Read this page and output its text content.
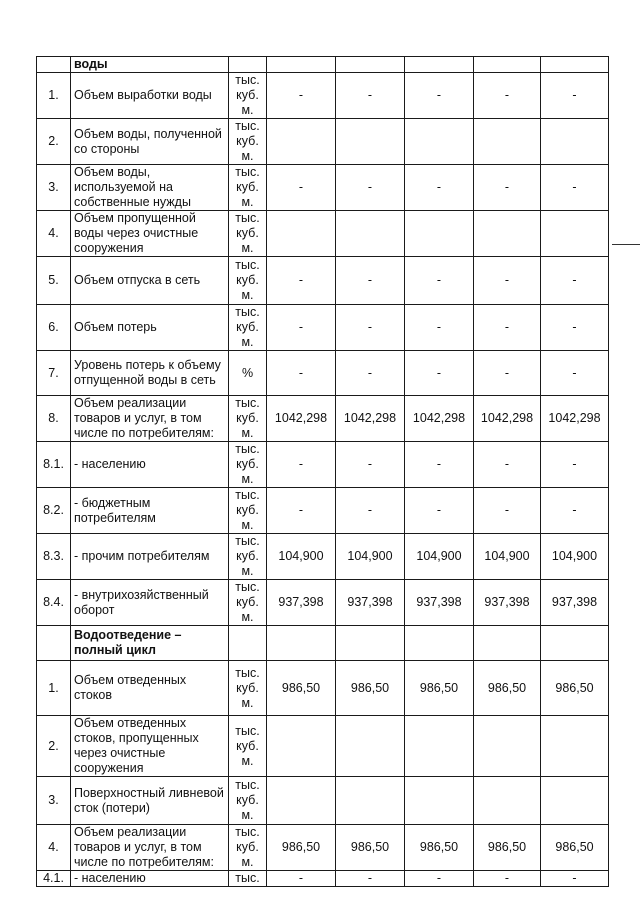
	воды						
1.	Объем выработки воды	тыс. куб. м.	-	-	-	-	-
2.	Объем воды, полученной со стороны	тыс. куб. м.					
3.	Объем воды, используемой на собственные нужды	тыс. куб. м.	-	-	-	-	-
4.	Объем пропущенной воды через очистные сооружения	тыс. куб. м.					
5.	Объем отпуска в сеть	тыс. куб. м.	-	-	-	-	-
6.	Объем потерь	тыс. куб. м.	-	-	-	-	-
7.	Уровень потерь к объему отпущенной воды в сеть	%	-	-	-	-	-
8.	Объем реализации товаров и услуг, в том числе по потребителям:	тыс. куб. м.	1042,298	1042,298	1042,298	1042,298	1042,298
8.1.	- населению	тыс. куб. м.	-	-	-	-	-
8.2.	- бюджетным потребителям	тыс. куб. м.	-	-	-	-	-
8.3.	- прочим потребителям	тыс. куб. м.	104,900	104,900	104,900	104,900	104,900
8.4.	- внутрихозяйственный оборот	тыс. куб. м.	937,398	937,398	937,398	937,398	937,398
	Водоотведение – полный цикл						
1.	Объем отведенных стоков	тыс. куб. м.	986,50	986,50	986,50	986,50	986,50
2.	Объем отведенных стоков, пропущенных через очистные сооружения	тыс. куб. м.					
3.	Поверхностный ливневой сток (потери)	тыс. куб. м.					
4.	Объем реализации товаров и услуг, в том числе по потребителям:	тыс. куб. м.	986,50	986,50	986,50	986,50	986,50
4.1.	- населению	тыс.	-	-	-	-	-
